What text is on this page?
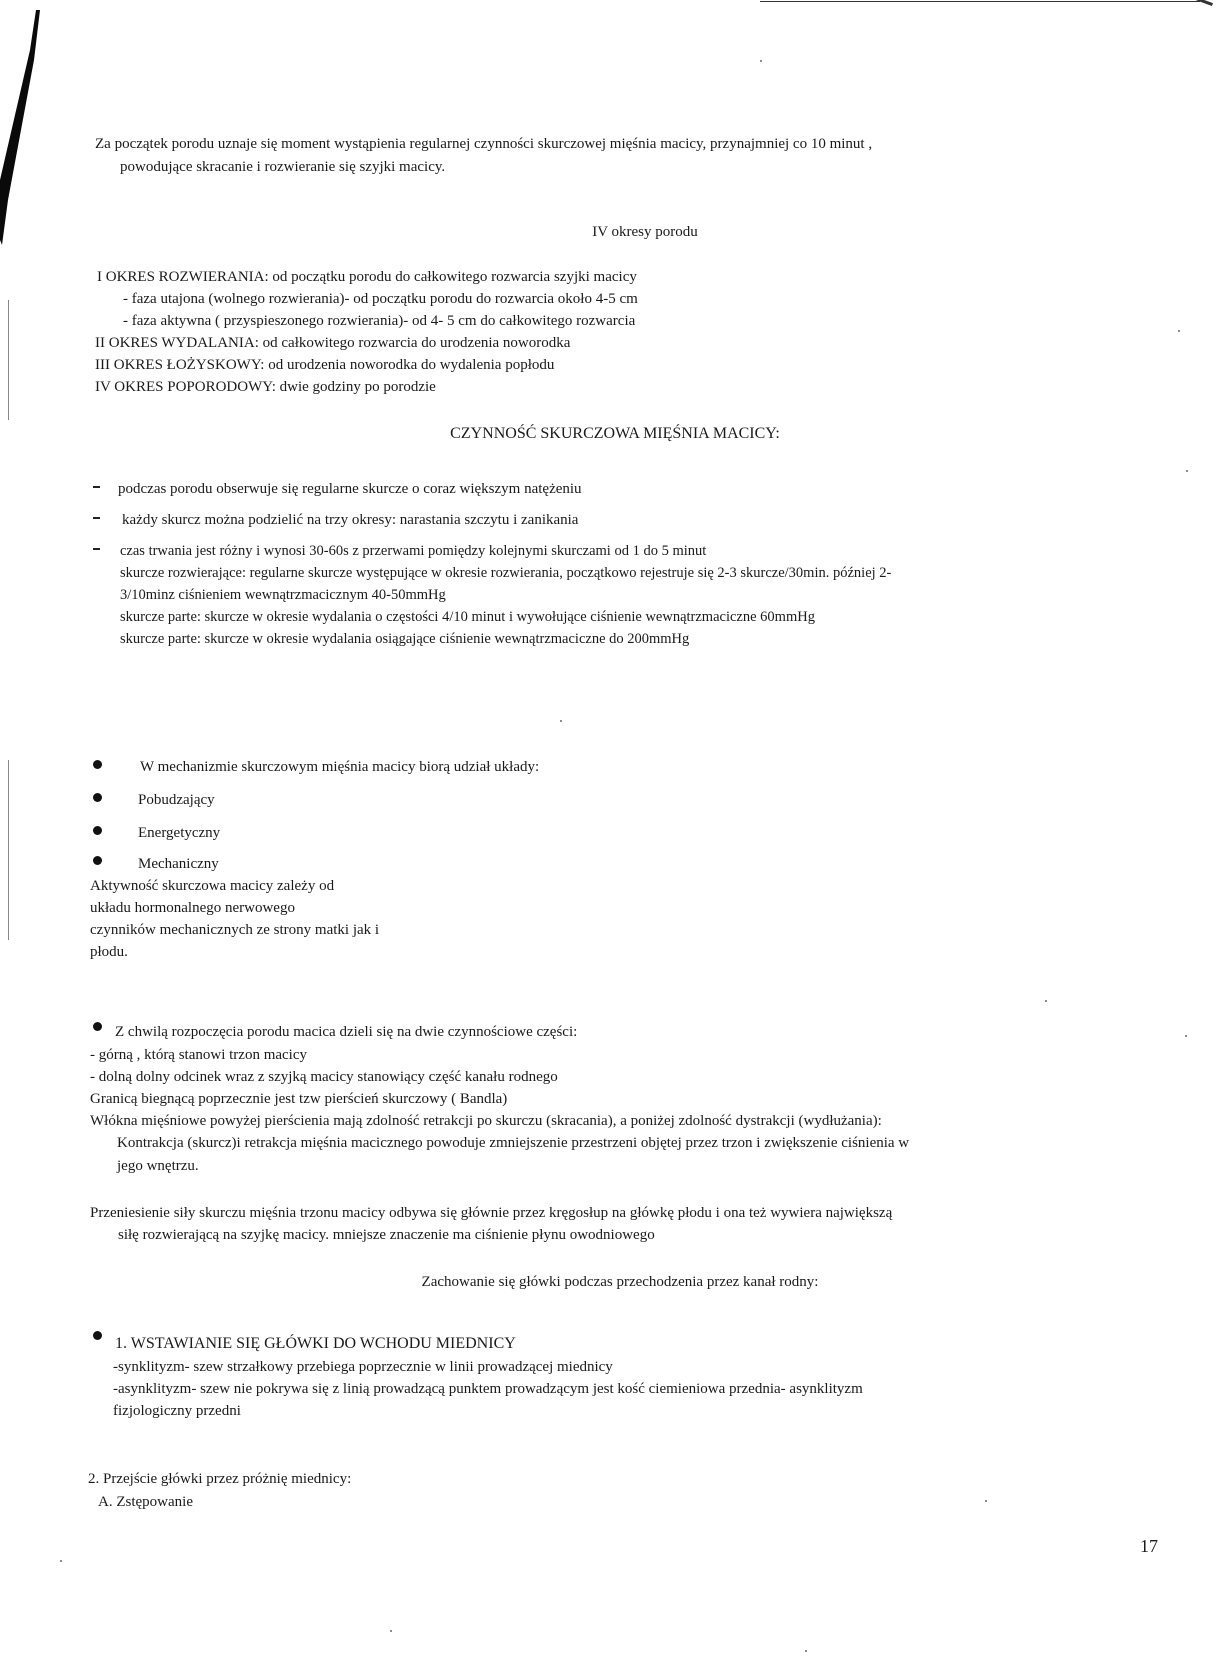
Za początek porodu uznaje się moment wystąpienia regularnej czynności skurczowej mięśnia macicy, przynajmniej co 10 minut ,
powodujące skracanie i rozwieranie się szyjki macicy.
IV okresy porodu
I OKRES ROZWIERANIA: od początku porodu do całkowitego rozwarcia szyjki macicy
- faza utajona (wolnego rozwierania)- od początku porodu do rozwarcia około 4-5 cm
- faza aktywna ( przyspieszonego rozwierania)- od 4- 5 cm do całkowitego rozwarcia
II OKRES WYDALANIA: od całkowitego rozwarcia do urodzenia noworodka
III OKRES ŁOŻYSKOWY: od urodzenia noworodka do wydalenia popłodu
IV OKRES POPORODOWY: dwie godziny po porodzie
CZYNNOŚĆ SKURCZOWA MIĘŚNIA MACICY:
podczas porodu obserwuje się regularne skurcze o coraz większym natężeniu
każdy skurcz można podzielić na trzy okresy: narastania szczytu i zanikania
czas trwania jest różny i wynosi 30-60s z przerwami pomiędzy kolejnymi skurczami od 1 do 5 minut
skurcze rozwierające: regularne skurcze występujące w okresie rozwierania, początkowo rejestruje się 2-3 skurcze/30min. później 2-
3/10minz ciśnieniem wewnątrzmacicznym 40-50mmHg
skurcze parte: skurcze w okresie wydalania o częstości 4/10 minut i wywołujące ciśnienie wewnątrzmaciczne 60mmHg
skurcze parte: skurcze w okresie wydalania osiągające ciśnienie wewnątrzmaciczne do 200mmHg
W mechanizmie skurczowym mięśnia macicy biorą udział układy:
Pobudzający
Energetyczny
Mechaniczny
Aktywność skurczowa macicy zależy od
układu hormonalnego nerwowego
czynników mechanicznych ze strony matki jak i
płodu.
Z chwilą rozpoczęcia porodu macica dzieli się na dwie czynnościowe części:
- górną , którą stanowi trzon macicy
- dolną dolny odcinek wraz z szyjką macicy stanowiący część kanału rodnego
Granicą biegnącą poprzecznie jest tzw pierścień skurczowy ( Bandla)
Włókna mięśniowe powyżej pierścienia mają zdolność retrakcji po skurczu (skracania), a poniżej zdolność dystrakcji (wydłużania):
Kontrakcja (skurcz)i retrakcja mięśnia macicznego powoduje zmniejszenie przestrzeni objętej przez trzon i zwiększenie ciśnienia w
jego wnętrzu.
Przeniesienie siły skurczu mięśnia trzonu macicy odbywa się głównie przez kręgosłup na główkę płodu i ona też wywiera największą
siłę rozwierającą na szyjkę macicy. mniejsze znaczenie ma ciśnienie płynu owodniowego
Zachowanie się główki podczas przechodzenia przez kanał rodny:
1. WSTAWIANIE SIĘ GŁÓWKI DO WCHODU MIEDNICY
-synklityzm- szew strzałkowy przebiega poprzecznie w linii prowadzącej miednicy
-asynklityzm- szew nie pokrywa się z linią prowadzącą punktem prowadzącym jest kość ciemieniowa przednia- asynklityzm
fizjologiczny przedni
2. Przejście główki przez próżnię miednicy:
A. Zstępowanie
17
